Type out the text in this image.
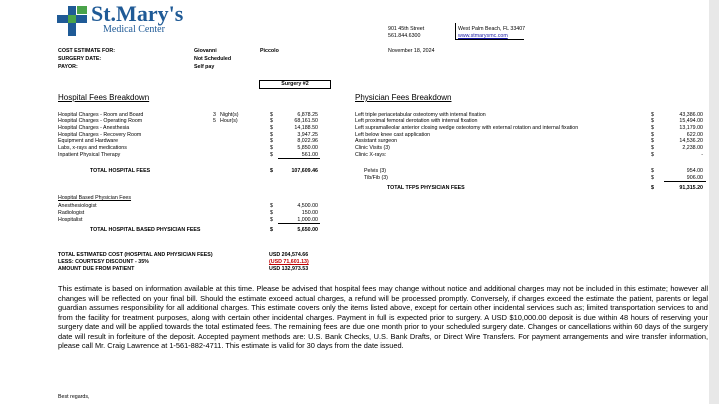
St.Mary's
Medical Center	901 45th Street
561.844.6300
West Palm Beach, FL 33407
www.stmarysmc.com
COST ESTIMATE FOR:	Giovanni	Piccolo	November 18, 2024
SURGERY DATE:	Not Scheduled
PAYOR:	Self pay
Surgery #2
Hospital Fees Breakdown	Physician Fees Breakdown
Hospital Charges - Room and Board	3 Night(s)	$	6,878.25
Hospital Charges - Operating Room	5 Hour(s)	$	68,161.50
Hospital Charges - Anesthesia	$	14,188.50
Hospital Charges - Recovery Room	$	3,947.25
Equipment and Hardware	$	8,022.96
Labs, x-rays and medications	$	5,850.00
Inpatient Physical Therapy	$	561.00
TOTAL HOSPITAL FEES	$	107,609.46
Hospital Based Physician Fees
Anesthesiologist	$	4,500.00
Radiologist	$	150.00
Hospitalist	$	1,000.00
TOTAL HOSPITAL BASED PHYSICIAN FEES	$	5,650.00
Left triple periacetabular osteotomy with internal fixation	$	43,386.00
Left proximal femoral derotation with internal fixation	$	15,494.00
Left supramalleolar anterior closing wedge osteotomy with external rotation and internal fixation	$	13,179.00
Left below knee cast application	$	622.00
Assistant surgeon	$	14,536.20
Clinic Visits (3)	$	2,238.00
Clinic X-rays:	$	-
Pelvis (3)	$	954.00
Tib/Fib (3)	$	906.00
TOTAL TFPS PHYSICIAN FEES	$	91,315.20
TOTAL ESTIMATED COST (HOSPITAL AND PHYSICIAN FEES)	USD 204,574.66
LESS: COURTESY DISCOUNT - 35%	(USD 71,601.13)
AMOUNT DUE FROM PATIENT	USD 132,973.53
This estimate is based on information available at this time. Please be advised that hospital fees may change without notice and additional charges may not be included in this estimate; however all changes will be reflected on your final bill. Should the estimate exceed actual charges, a refund will be processed promptly. Conversely, if charges exceed the estimate the patient, parents or legal guardian assumes responsibility for all additional charges. This estimate covers only the items listed above, except for certain other incidental services such as; limited transportation services to and from the facility for treatment purposes, along with certain other incidental charges. Payment in full is expected prior to surgery. A USD $10,000.00 deposit is due within 48 hours of reserving your surgery date and will be applied towards the total estimated fees. The remaining fees are due one month prior to your scheduled surgery date. Changes or cancellations within 60 days of the surgery date will result in forfeiture of the deposit. Accepted payment methods are: U.S. Bank Checks, U.S. Bank Drafts, or Direct Wire Transfers. For payment arrangements and wire transfer information, please call Mr. Craig Lawrence at 1-561-882-4711. This estimate is valid for 30 days from the date issued.
Best regards,
